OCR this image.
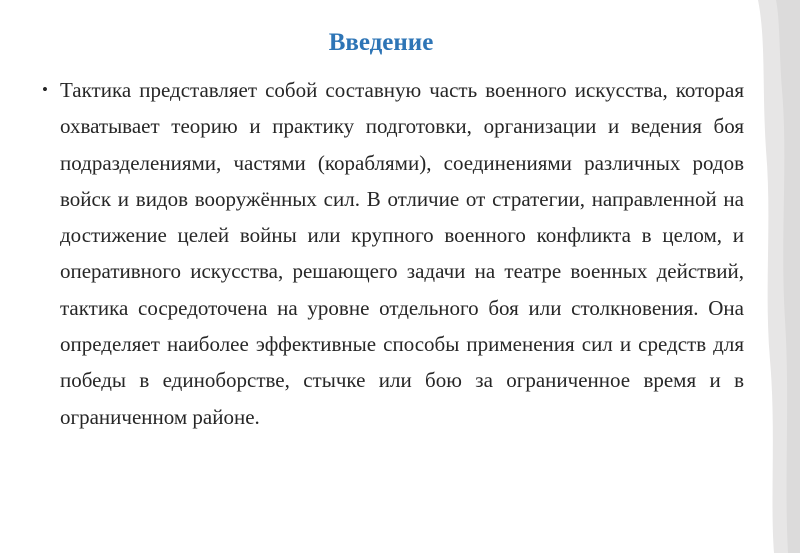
Введение

• Тактика представляет собой составную часть военного искусства, которая охватывает теорию и практику подготовки, организации и ведения боя подразделениями, частями (кораблями), соединениями различных родов войск и видов вооружённых сил. В отличие от стратегии, направленной на достижение целей войны или крупного военного конфликта в целом, и оперативного искусства, решающего задачи на театре военных действий, тактика сосредоточена на уровне отдельного боя или столкновения. Она определяет наиболее эффективные способы применения сил и средств для победы в единоборстве, стычке или бою за ограниченное время и в ограниченном районе.
